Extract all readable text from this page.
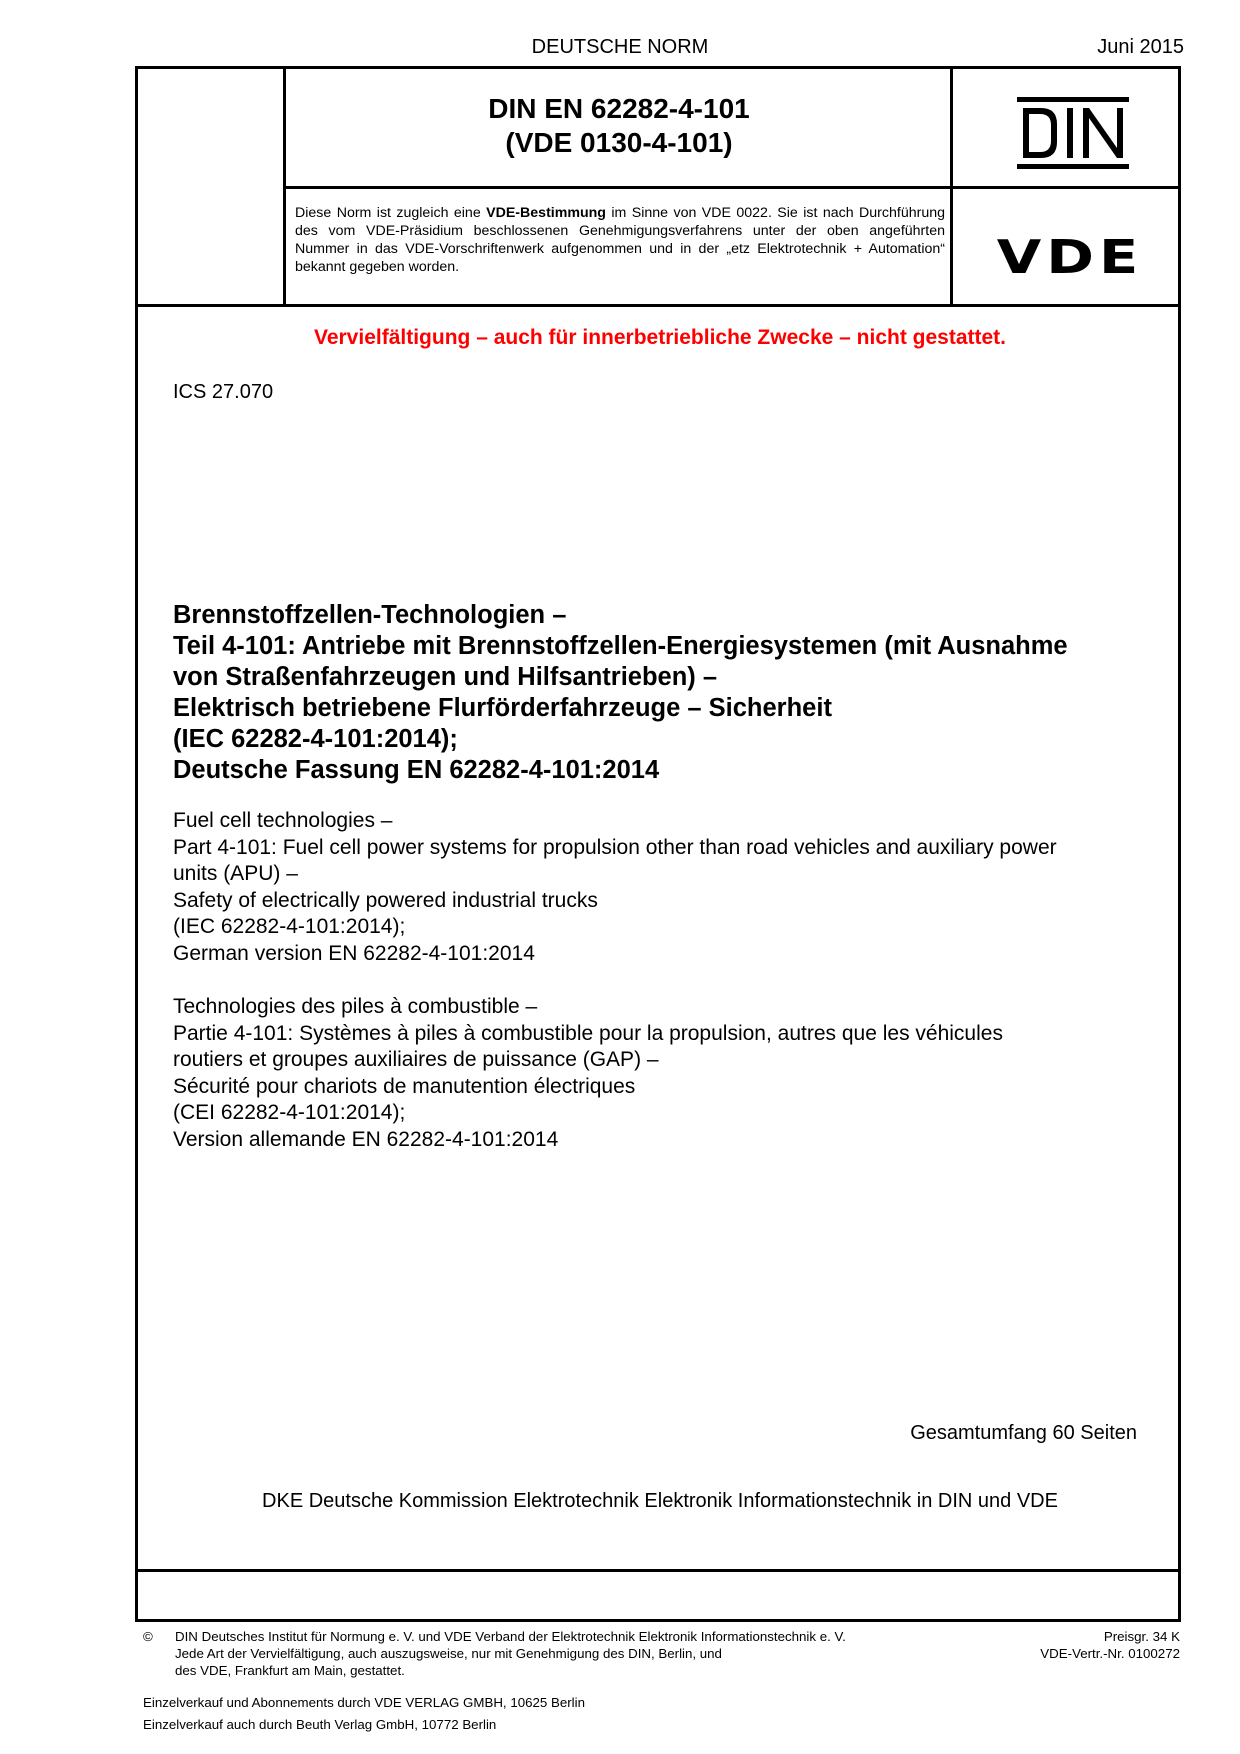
DEUTSCHE NORM	Juni 2015
DIN EN 62282-4-101
(VDE 0130-4-101)
Diese Norm ist zugleich eine VDE-Bestimmung im Sinne von VDE 0022. Sie ist nach Durchführung des vom VDE-Präsidium beschlossenen Genehmigungsverfahrens unter der oben angeführten Nummer in das VDE-Vorschriftenwerk aufgenommen und in der „etz Elektrotechnik + Automation“ bekannt gegeben worden.	VDE
Vervielfältigung – auch für innerbetriebliche Zwecke – nicht gestattet.
ICS 27.070
Brennstoffzellen-Technologien –
Teil 4-101: Antriebe mit Brennstoffzellen-Energiesystemen (mit Ausnahme
von Straßenfahrzeugen und Hilfsantrieben) –
Elektrisch betriebene Flurförderfahrzeuge – Sicherheit
(IEC 62282-4-101:2014);
Deutsche Fassung EN 62282-4-101:2014
Fuel cell technologies –
Part 4-101: Fuel cell power systems for propulsion other than road vehicles and auxiliary power
units (APU) –
Safety of electrically powered industrial trucks
(IEC 62282-4-101:2014);
German version EN 62282-4-101:2014
Technologies des piles à combustible –
Partie 4-101: Systèmes à piles à combustible pour la propulsion, autres que les véhicules
routiers et groupes auxiliaires de puissance (GAP) –
Sécurité pour chariots de manutention électriques
(CEI 62282-4-101:2014);
Version allemande EN 62282-4-101:2014
Gesamtumfang 60 Seiten
DKE Deutsche Kommission Elektrotechnik Elektronik Informationstechnik in DIN und VDE
© DIN Deutsches Institut für Normung e. V. und VDE Verband der Elektrotechnik Elektronik Informationstechnik e. V.
Jede Art der Vervielfältigung, auch auszugsweise, nur mit Genehmigung des DIN, Berlin, und
des VDE, Frankfurt am Main, gestattet.
Preisgr. 34 K
VDE-Vertr.-Nr. 0100272
Einzelverkauf und Abonnements durch VDE VERLAG GMBH, 10625 Berlin
Einzelverkauf auch durch Beuth Verlag GmbH, 10772 Berlin
